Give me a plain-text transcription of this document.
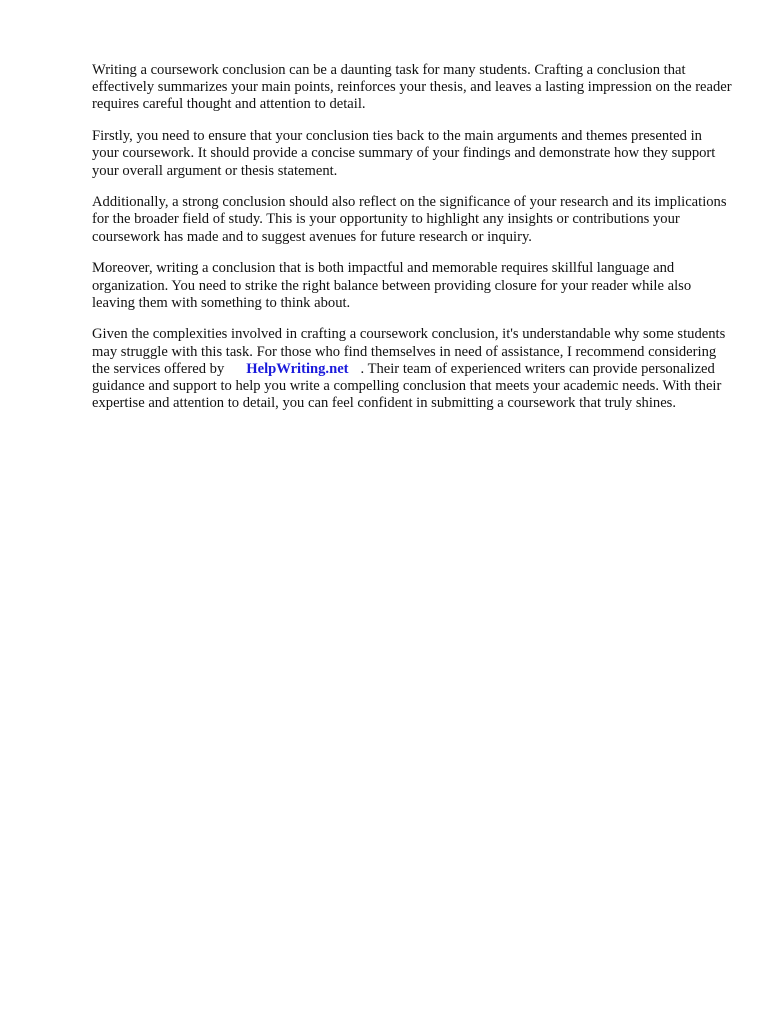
Writing a coursework conclusion can be a daunting task for many students. Crafting a conclusion that effectively summarizes your main points, reinforces your thesis, and leaves a lasting impression on the reader requires careful thought and attention to detail.

Firstly, you need to ensure that your conclusion ties back to the main arguments and themes presented in your coursework. It should provide a concise summary of your findings and demonstrate how they support your overall argument or thesis statement.

Additionally, a strong conclusion should also reflect on the significance of your research and its implications for the broader field of study. This is your opportunity to highlight any insights or contributions your coursework has made and to suggest avenues for future research or inquiry.

Moreover, writing a conclusion that is both impactful and memorable requires skillful language and organization. You need to strike the right balance between providing closure for your reader while also leaving them with something to think about.

Given the complexities involved in crafting a coursework conclusion, it's understandable why some students may struggle with this task. For those who find themselves in need of assistance, I recommend considering the services offered by HelpWriting.net . Their team of experienced writers can provide personalized guidance and support to help you write a compelling conclusion that meets your academic needs. With their expertise and attention to detail, you can feel confident in submitting a coursework that truly shines.
